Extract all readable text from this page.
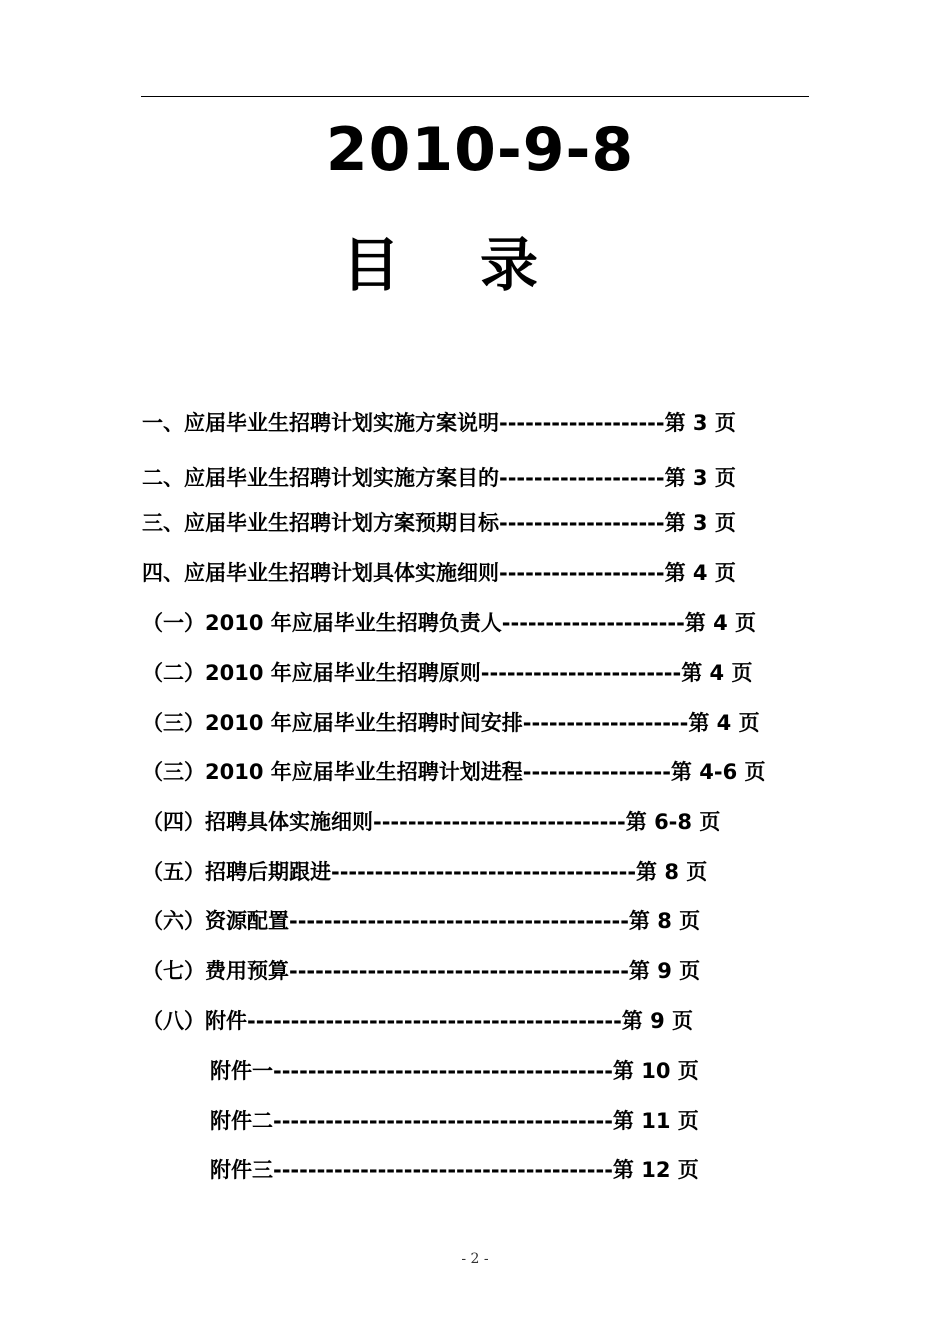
2010-9-8
目录
一、应届毕业生招聘计划实施方案说明-------------------第 3 页
二、应届毕业生招聘计划实施方案目的-------------------第 3 页
三、应届毕业生招聘计划方案预期目标-------------------第 3 页
四、应届毕业生招聘计划具体实施细则-------------------第 4 页
（一）2010 年应届毕业生招聘负责人---------------------第 4 页
（二）2010 年应届毕业生招聘原则-----------------------第 4 页
（三）2010 年应届毕业生招聘时间安排-------------------第 4 页
（三）2010 年应届毕业生招聘计划进程-----------------第 4-6 页
（四）招聘具体实施细则-----------------------------第 6-8 页
（五）招聘后期跟进-----------------------------------第 8 页
（六）资源配置---------------------------------------第 8 页
（七）费用预算---------------------------------------第 9 页
（八）附件-------------------------------------------第 9 页
附件一---------------------------------------第 10 页
附件二---------------------------------------第 11 页
附件三---------------------------------------第 12 页
- 2 -
